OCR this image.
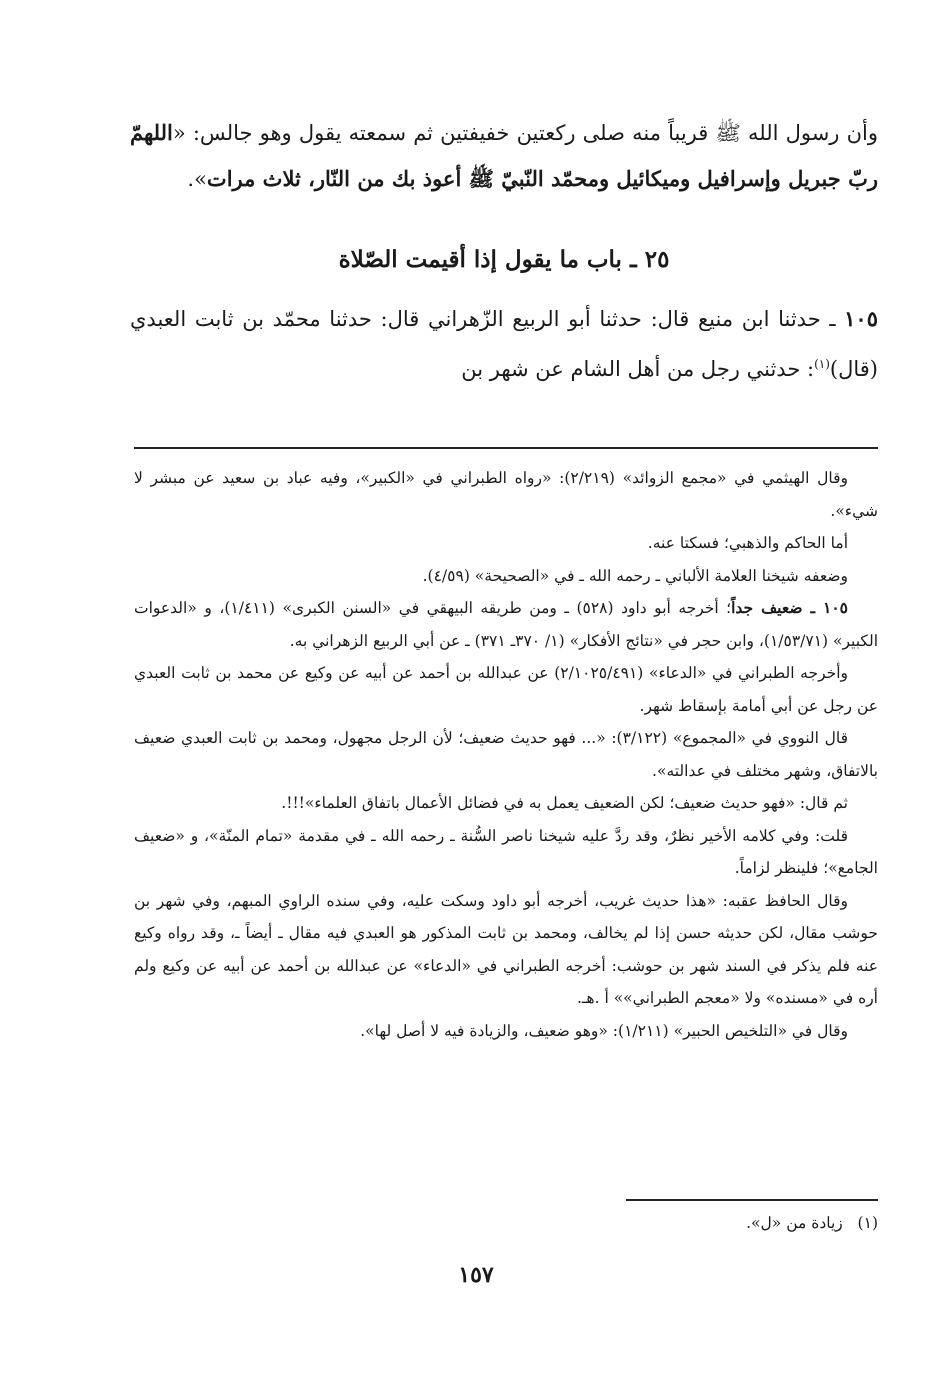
وأن رسول الله ﷺ قريباً منه صلى ركعتين خفيفتين ثم سمعته يقول وهو جالس: «اللهمّ ربّ جبريل وإسرافيل وميكائيل ومحمّد النّبيّ ﷺ أعوذ بك من النّار، ثلاث مرات».

٢٥ ـ باب ما يقول إذا أقيمت الصّلاة

١٠٥ ـ حدثنا ابن منيع قال: حدثنا أبو الربيع الزّهراني قال: حدثنا محمّد بن ثابت العبدي (قال)$^{(١)}$: حدثني رجل من أهل الشام عن شهر بن

وقال الهيثمي في «مجمع الزوائد» (٢/٢١٩): «رواه الطبراني في «الكبير»، وفيه عباد بن سعيد عن مبشر لا شيء».

أما الحاكم والذهبي؛ فسكتا عنه.

وضعفه شيخنا العلامة الألباني ـ رحمه الله ـ في «الصحيحة» (٤/٥٩).

١٠٥ ـ ضعيف جداً؛ أخرجه أبو داود (٥٢٨) ـ ومن طريقه البيهقي في «السنن الكبرى» (١/٤١١)، و «الدعوات الكبير» (١/٥٣/٧١)، وابن حجر في «نتائج الأفكار» (١/ ٣٧٠ـ ٣٧١) ـ عن أبي الربيع الزهراني به.

وأخرجه الطبراني في «الدعاء» (٢/١٠٢٥/٤٩١) عن عبدالله بن أحمد عن أبيه عن وكيع عن محمد بن ثابت العبدي عن رجل عن أبي أمامة بإسقاط شهر.

قال النووي في «المجموع» (٣/١٢٢): «... فهو حديث ضعيف؛ لأن الرجل مجهول، ومحمد بن ثابت العبدي ضعيف بالاتفاق، وشهر مختلف في عدالته».

ثم قال: «فهو حديث ضعيف؛ لكن الضعيف يعمل به في فضائل الأعمال باتفاق العلماء»!!!.

قلت: وفي كلامه الأخير نظرٌ، وقد ردَّ عليه شيخنا ناصر السُّنة ـ رحمه الله ـ في مقدمة «تمام المنّة»، و «ضعيف الجامع»؛ فلينظر لزاماً.

وقال الحافظ عقبه: «هذا حديث غريب، أخرجه أبو داود وسكت عليه، وفي سنده الراوي المبهم، وفي شهر بن حوشب مقال، لكن حديثه حسن إذا لم يخالف، ومحمد بن ثابت المذكور هو العبدي فيه مقال ـ أيضاً ـ، وقد رواه وكيع عنه فلم يذكر في السند شهر بن حوشب: أخرجه الطبراني في «الدعاء» عن عبدالله بن أحمد عن أبيه عن وكيع ولم أره في «مسنده» ولا «معجم الطبراني»» أ .هـ.

وقال في «التلخيص الحبير» (١/٢١١): «وهو ضعيف، والزيادة فيه لا أصل لها».

(١)   زيادة من «ل».
١٥٧
